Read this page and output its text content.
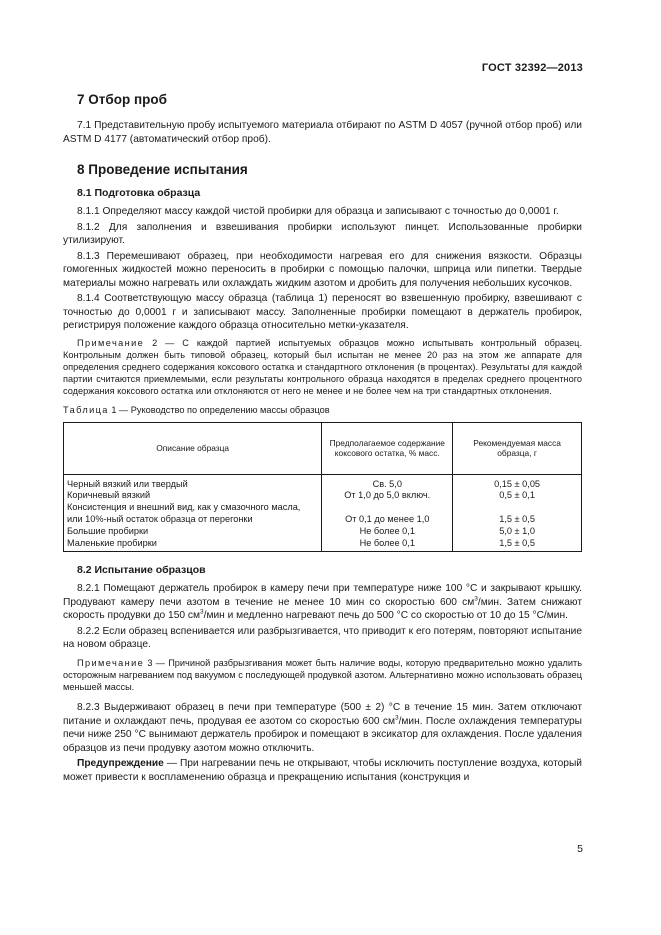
ГОСТ 32392—2013
7 Отбор проб

7.1 Представительную пробу испытуемого материала отбирают по ASTM D 4057 (ручной отбор проб) или ASTM D 4177 (автоматический отбор проб).

8 Проведение испытания
8.1 Подготовка образца

8.1.1 Определяют массу каждой чистой пробирки для образца и записывают с точностью до 0,0001 г.

8.1.2 Для заполнения и взвешивания пробирки используют пинцет. Использованные пробирки утилизируют.

8.1.3 Перемешивают образец, при необходимости нагревая его для снижения вязкости. Образцы гомогенных жидкостей можно переносить в пробирки с помощью палочки, шприца или пипетки. Твердые материалы можно нагревать или охлаждать жидким азотом и дробить для получения небольших кусочков.

8.1.4 Соответствующую массу образца (таблица 1) переносят во взвешенную пробирку, взвешивают с точностью до 0,0001 г и записывают массу. Заполненные пробирки помещают в держатель пробирок, регистрируя положение каждого образца относительно метки-указателя.

Примечание 2 — С каждой партией испытуемых образцов можно испытывать контрольный образец. Контрольным должен быть типовой образец, который был испытан не менее 20 раз на этом же аппарате для определения среднего содержания коксового остатка и стандартного отклонения (в процентах). Результаты для каждой партии считаются приемлемыми, если результаты контрольного образца находятся в пределах среднего процентного содержания коксового остатка или отклоняются от него не менее и не более чем на три стандартных отклонения.

Таблица 1 — Руководство по определению массы образцов

Описание образца	Предполагаемое содержание коксового остатка, % масс.	Рекомендуемая масса образца, г
Черный вязкий или твердый	Св. 5,0	0,15 ± 0,05
Коричневый вязкий	От 1,0 до 5,0 включ.	0,5 ± 0,1
Консистенция и внешний вид, как у смазочного масла, или 10%-ный остаток образца от перегонки	От 0,1 до менее 1,0	1,5 ± 0,5
Большие пробирки	Не более 0,1	5,0 ± 1,0
Маленькие пробирки	Не более 0,1	1,5 ± 0,5
8.2 Испытание образцов

8.2.1 Помещают держатель пробирок в камеру печи при температуре ниже 100 °С и закрывают крышку. Продувают камеру печи азотом в течение не менее 10 мин со скоростью 600 $см^3$/мин. Затем снижают скорость продувки до 150 $см^3$/мин и медленно нагревают печь до 500 °С со скоростью от 10 до 15 °С/мин.

8.2.2 Если образец вспенивается или разбрызгивается, что приводит к его потерям, повторяют испытание на новом образце.

Примечание 3 — Причиной разбрызгивания может быть наличие воды, которую предварительно можно удалить осторожным нагреванием под вакуумом с последующей продувкой азотом. Альтернативно можно использовать образец меньшей массы.

8.2.3 Выдерживают образец в печи при температуре (500 ± 2) °С в течение 15 мин. Затем отключают питание и охлаждают печь, продувая ее азотом со скоростью 600 $см^3$/мин. После охлаждения температуры печи ниже 250 °С вынимают держатель пробирок и помещают в эксикатор для охлаждения. После удаления образцов из печи продувку азотом можно отключить.

Предупреждение — При нагревании печь не открывают, чтобы исключить поступление воздуха, который может привести к воспламенению образца и прекращению испытания (конструкция и

5
